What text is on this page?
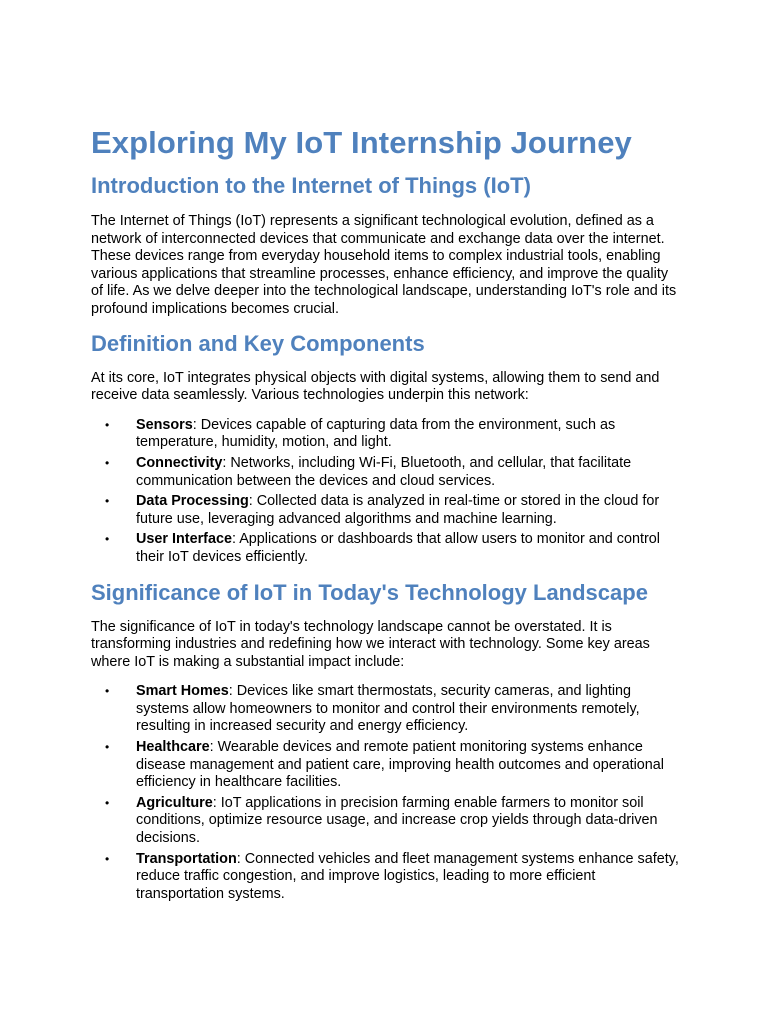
Exploring My IoT Internship Journey
Introduction to the Internet of Things (IoT)

The Internet of Things (IoT) represents a significant technological evolution, defined as a network of interconnected devices that communicate and exchange data over the internet. These devices range from everyday household items to complex industrial tools, enabling various applications that streamline processes, enhance efficiency, and improve the quality of life. As we delve deeper into the technological landscape, understanding IoT's role and its profound implications becomes crucial.

Definition and Key Components

At its core, IoT integrates physical objects with digital systems, allowing them to send and receive data seamlessly. Various technologies underpin this network:

• Sensors: Devices capable of capturing data from the environment, such as temperature, humidity, motion, and light.
• Connectivity: Networks, including Wi-Fi, Bluetooth, and cellular, that facilitate communication between the devices and cloud services.
• Data Processing: Collected data is analyzed in real-time or stored in the cloud for future use, leveraging advanced algorithms and machine learning.
• User Interface: Applications or dashboards that allow users to monitor and control their IoT devices efficiently.
Significance of IoT in Today's Technology Landscape

The significance of IoT in today's technology landscape cannot be overstated. It is transforming industries and redefining how we interact with technology. Some key areas where IoT is making a substantial impact include:

• Smart Homes: Devices like smart thermostats, security cameras, and lighting systems allow homeowners to monitor and control their environments remotely, resulting in increased security and energy efficiency.
• Healthcare: Wearable devices and remote patient monitoring systems enhance disease management and patient care, improving health outcomes and operational efficiency in healthcare facilities.
• Agriculture: IoT applications in precision farming enable farmers to monitor soil conditions, optimize resource usage, and increase crop yields through data-driven decisions.
• Transportation: Connected vehicles and fleet management systems enhance safety, reduce traffic congestion, and improve logistics, leading to more efficient transportation systems.
